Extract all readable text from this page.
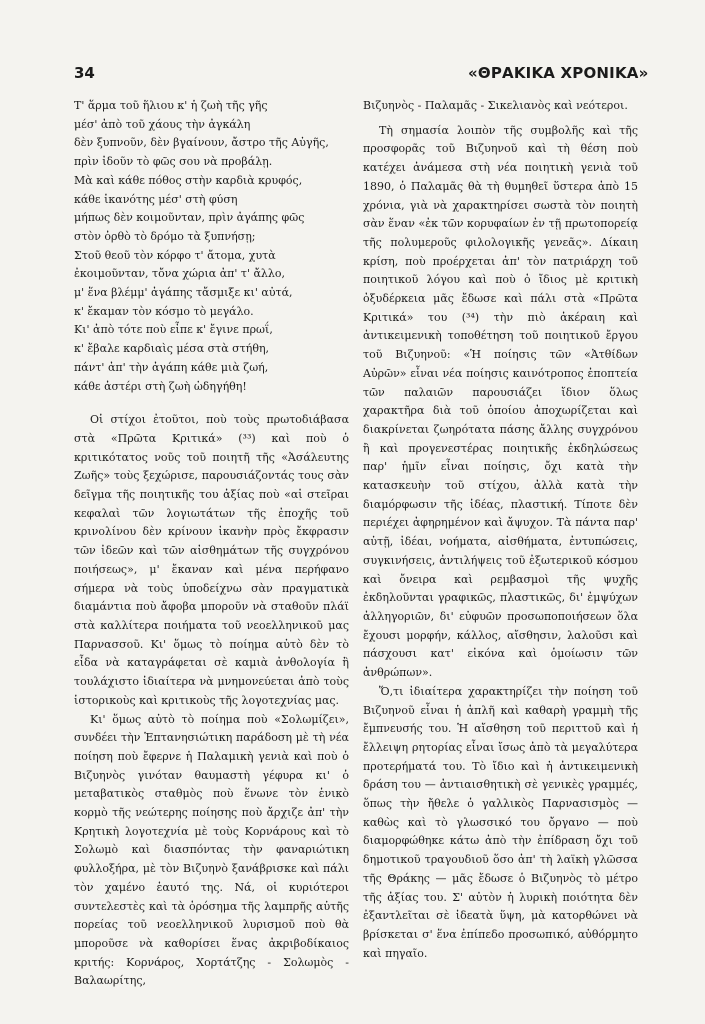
34	«ΘΡΑΚΙΚΑ ΧΡΟΝΙΚΑ»
Τ' ἅρμα τοῦ ἥλιου κ' ἡ ζωὴ τῆς γῆς
μέσ' ἀπὸ τοῦ χάους τὴν ἀγκάλη
δὲν ξυπνοῦν, δὲν βγαίνουν, ἄστρο τῆς Αὐγῆς,
πρὶν ἰδοῦν τὸ φῶς σου νὰ προβάλῃ.
Μὰ καὶ κάθε πόθος στὴν καρδιὰ κρυφός,
κάθε ἱκανότης μέσ' στὴ φύση
μήπως δὲν κοιμοῦνταν, πρὶν ἀγάπης φῶς
στὸν ὀρθὸ τὸ δρόμο τὰ ξυπνήσῃ;
Στοῦ θεοῦ τὸν κόρφο τ' ἄτομα, χυτὰ
ἐκοιμοῦνταν, τὄνα χώρια ἀπ' τ' ἄλλο,
μ' ἕνα βλέμμ' ἀγάπης τἄσμιξε κι' αὐτά,
κ' ἔκαμαν τὸν κόσμο τὸ μεγάλο.
Κι' ἀπὸ τότε ποὺ εἶπε κ' ἔγινε πρωΐ,
κ' ἔβαλε καρδιαὶς μέσα στὰ στήθη,
πάντ' ἀπ' τὴν ἀγάπη κάθε μιὰ ζωή,
κάθε ἀστέρι στὴ ζωὴ ὡδηγήθη!

Οἱ στίχοι ἐτοῦτοι, ποὺ τοὺς πρωτοδιάβασα στὰ «Πρῶτα Κριτικά» (³³) καὶ ποὺ ὁ κριτικότατος νοῦς τοῦ ποιητῆ τῆς «Ἀσάλευτης Ζωῆς» τοὺς ξεχώρισε, παρουσιάζοντάς τους σὰν δεῖγμα τῆς ποιητικῆς του ἀξίας ποὺ «αἱ στεῖραι κεφαλαὶ τῶν λογιωτάτων τῆς ἐποχῆς τοῦ κρινολίνου δὲν κρίνουν ἱκανὴν πρὸς ἔκφρασιν τῶν ἰδεῶν καὶ τῶν αἰσθημάτων τῆς συγχρόνου ποιήσεως», μ' ἔκαναν καὶ μένα περήφανο σήμερα νὰ τοὺς ὑποδείχνω σὰν πραγματικὰ διαμάντια ποὺ ἄφοβα μποροῦν νὰ σταθοῦν πλάϊ στὰ καλλίτερα ποιήματα τοῦ νεοελληνικοῦ μας Παρνασσοῦ. Κι' ὅμως τὸ ποίημα αὐτὸ δὲν τὸ εἶδα νὰ καταγράφεται σὲ καμιὰ ἀνθολογία ἢ τουλάχιστο ἰδιαίτερα νὰ μνημονεύεται ἀπὸ τοὺς ἱστορικοὺς καὶ κριτικοὺς τῆς λογοτεχνίας μας.

Κι' ὅμως αὐτὸ τὸ ποίημα ποὺ «Σολωμίζει», συνδέει τὴν Ἑπτανησιώτικη παράδοση μὲ τὴ νέα ποίηση ποὺ ἔφερνε ἡ Παλαμικὴ γενιὰ καὶ ποὺ ὁ Βιζυηνὸς γινόταν θαυμαστὴ γέφυρα κι' ὁ μεταβατικὸς σταθμὸς ποὺ ἕνωνε τὸν ἑνικὸ κορμὸ τῆς νεώτερης ποίησης ποὺ ἄρχιζε ἀπ' τὴν Κρητικὴ λογοτεχνία μὲ τοὺς Κορνάρους καὶ τὸ Σολωμὸ καὶ διασπόντας τὴν φαναριώτικη φυλλοξήρα, μὲ τὸν Βιζυηνὸ ξανάβρισκε καὶ πάλι τὸν χαμένο ἑαυτό της. Νά, οἱ κυριότεροι συντελεστὲς καὶ τὰ ὁρόσημα τῆς λαμπρῆς αὐτῆς πορείας τοῦ νεοελληνικοῦ λυρισμοῦ ποὺ θὰ μποροῦσε νὰ καθορίσει ἕνας ἀκριβοδίκαιος κριτής: Κορνάρος, Χορτάτζης - Σολωμὸς - Βαλαωρίτης,

Βιζυηνὸς - Παλαμᾶς - Σικελιανὸς καὶ νεότεροι.

Τὴ σημασία λοιπὸν τῆς συμβολῆς καὶ τῆς προσφορᾶς τοῦ Βιζυηνοῦ καὶ τὴ θέση ποὺ κατέχει ἀνάμεσα στὴ νέα ποιητικὴ γενιὰ τοῦ 1890, ὁ Παλαμᾶς θὰ τὴ θυμηθεῖ ὕστερα ἀπὸ 15 χρόνια, γιὰ νὰ χαρακτηρίσει σωστὰ τὸν ποιητὴ σὰν ἕναν «ἐκ τῶν κορυφαίων ἐν τῇ πρωτοπορείᾳ τῆς πολυμεροῦς φιλολογικῆς γενεᾶς». Δίκαιη κρίση, ποὺ προέρχεται ἀπ' τὸν πατριάρχη τοῦ ποιητικοῦ λόγου καὶ ποὺ ὁ ἴδιος μὲ κριτικὴ ὀξυδέρκεια μᾶς ἔδωσε καὶ πάλι στὰ «Πρῶτα Κριτικά» του (³⁴) τὴν πιὸ ἀκέραιη καὶ ἀντικειμενικὴ τοποθέτηση τοῦ ποιητικοῦ ἔργου τοῦ Βιζυηνοῦ: «Ἡ ποίησις τῶν «Ἀτθίδων Αὐρῶν» εἶναι νέα ποίησις καινότροπος ἐποπτεία τῶν παλαιῶν παρουσιάζει ἴδιον ὅλως χαρακτῆρα διὰ τοῦ ὁποίου ἀποχωρίζεται καὶ διακρίνεται ζωηρότατα πάσης ἄλλης συγχρόνου ἢ καὶ προγενεστέρας ποιητικῆς ἐκδηλώσεως παρ' ἡμῖν εἶναι ποίησις, ὄχι κατὰ τὴν κατασκευὴν τοῦ στίχου, ἀλλὰ κατὰ τὴν διαμόρφωσιν τῆς ἰδέας, πλαστική. Τίποτε δὲν περιέχει ἀφηρημένον καὶ ἄψυχον. Τὰ πάντα παρ' αὐτῇ, ἰδέαι, νοήματα, αἰσθήματα, ἐντυπώσεις, συγκινήσεις, ἀντιλήψεις τοῦ ἐξωτερικοῦ κόσμου καὶ ὄνειρα καὶ ρεμβασμοὶ τῆς ψυχῆς ἐκδηλοῦνται γραφικῶς, πλαστικῶς, δι' ἐμψύχων ἀλληγοριῶν, δι' εὐφυῶν προσωποποιήσεων ὅλα ἔχουσι μορφήν, κάλλος, αἴσθησιν, λαλοῦσι καὶ πάσχουσι κατ' εἰκόνα καὶ ὁμοίωσιν τῶν ἀνθρώπων».

Ὅ,τι ἰδιαίτερα χαρακτηρίζει τὴν ποίηση τοῦ Βιζυηνοῦ εἶναι ἡ ἁπλῆ καὶ καθαρὴ γραμμὴ τῆς ἔμπνευσής του. Ἡ αἴσθηση τοῦ περιττοῦ καὶ ἡ ἔλλειψη ρητορίας εἶναι ἴσως ἀπὸ τὰ μεγαλύτερα προτερήματά του. Τὸ ἴδιο καὶ ἡ ἀντικειμενικὴ δράση του — ἀντιαισθητικὴ σὲ γενικὲς γραμμές, ὅπως τὴν ἤθελε ὁ γαλλικὸς Παρνασισμὸς — καθὼς καὶ τὸ γλωσσικό του ὄργανο — ποὺ διαμορφώθηκε κάτω ἀπὸ τὴν ἐπίδραση ὄχι τοῦ δημοτικοῦ τραγουδιοῦ ὅσο ἀπ' τὴ λαϊκὴ γλῶσσα τῆς Θράκης — μᾶς ἔδωσε ὁ Βιζυηνὸς τὸ μέτρο τῆς ἀξίας του. Σ' αὐτὸν ἡ λυρικὴ ποιότητα δὲν ἐξαντλεῖται σὲ ἰδεατὰ ὕψη, μὰ κατορθώνει νὰ βρίσκεται σ' ἕνα ἐπίπεδο προσωπικό, αὐθόρμητο καὶ πηγαῖο.
